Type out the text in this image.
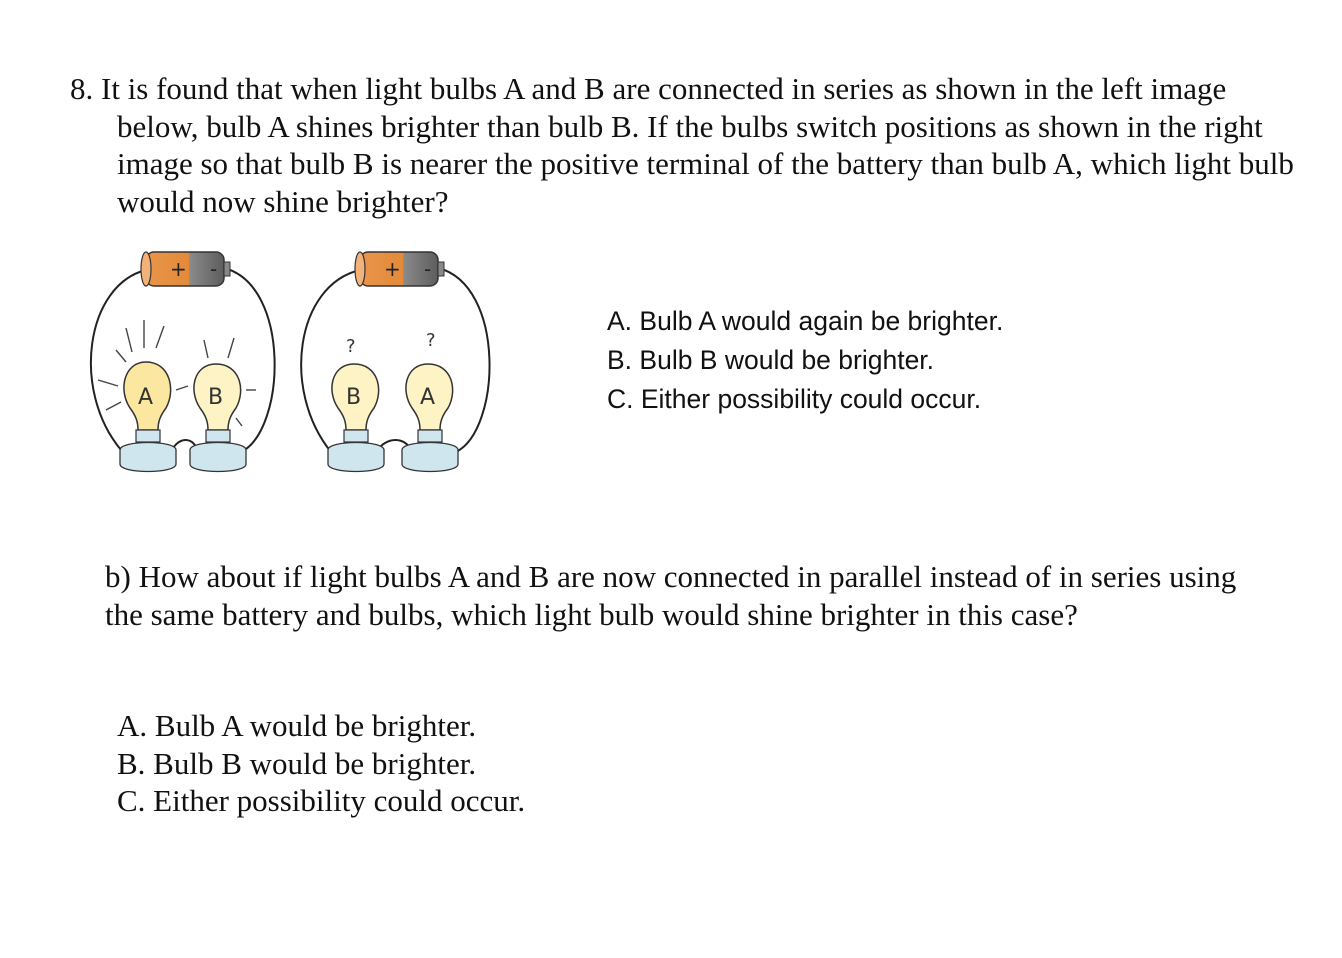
8. It is found that when light bulbs A and B are connected in series as shown in the left image below, bulb A shines brighter than bulb B. If the bulbs switch positions as shown in the right image so that bulb B is nearer the positive terminal of the battery than bulb A, which light bulb would now shine brighter?

+ -
A B
+ -
?	?
B	A
A. Bulb A would again be brighter.
B. Bulb B would be brighter.
C. Either possibility could occur.

b) How about if light bulbs A and B are now connected in parallel instead of in series using the same battery and bulbs, which light bulb would shine brighter in this case?

A. Bulb A would be brighter.
B. Bulb B would be brighter.
C. Either possibility could occur.
